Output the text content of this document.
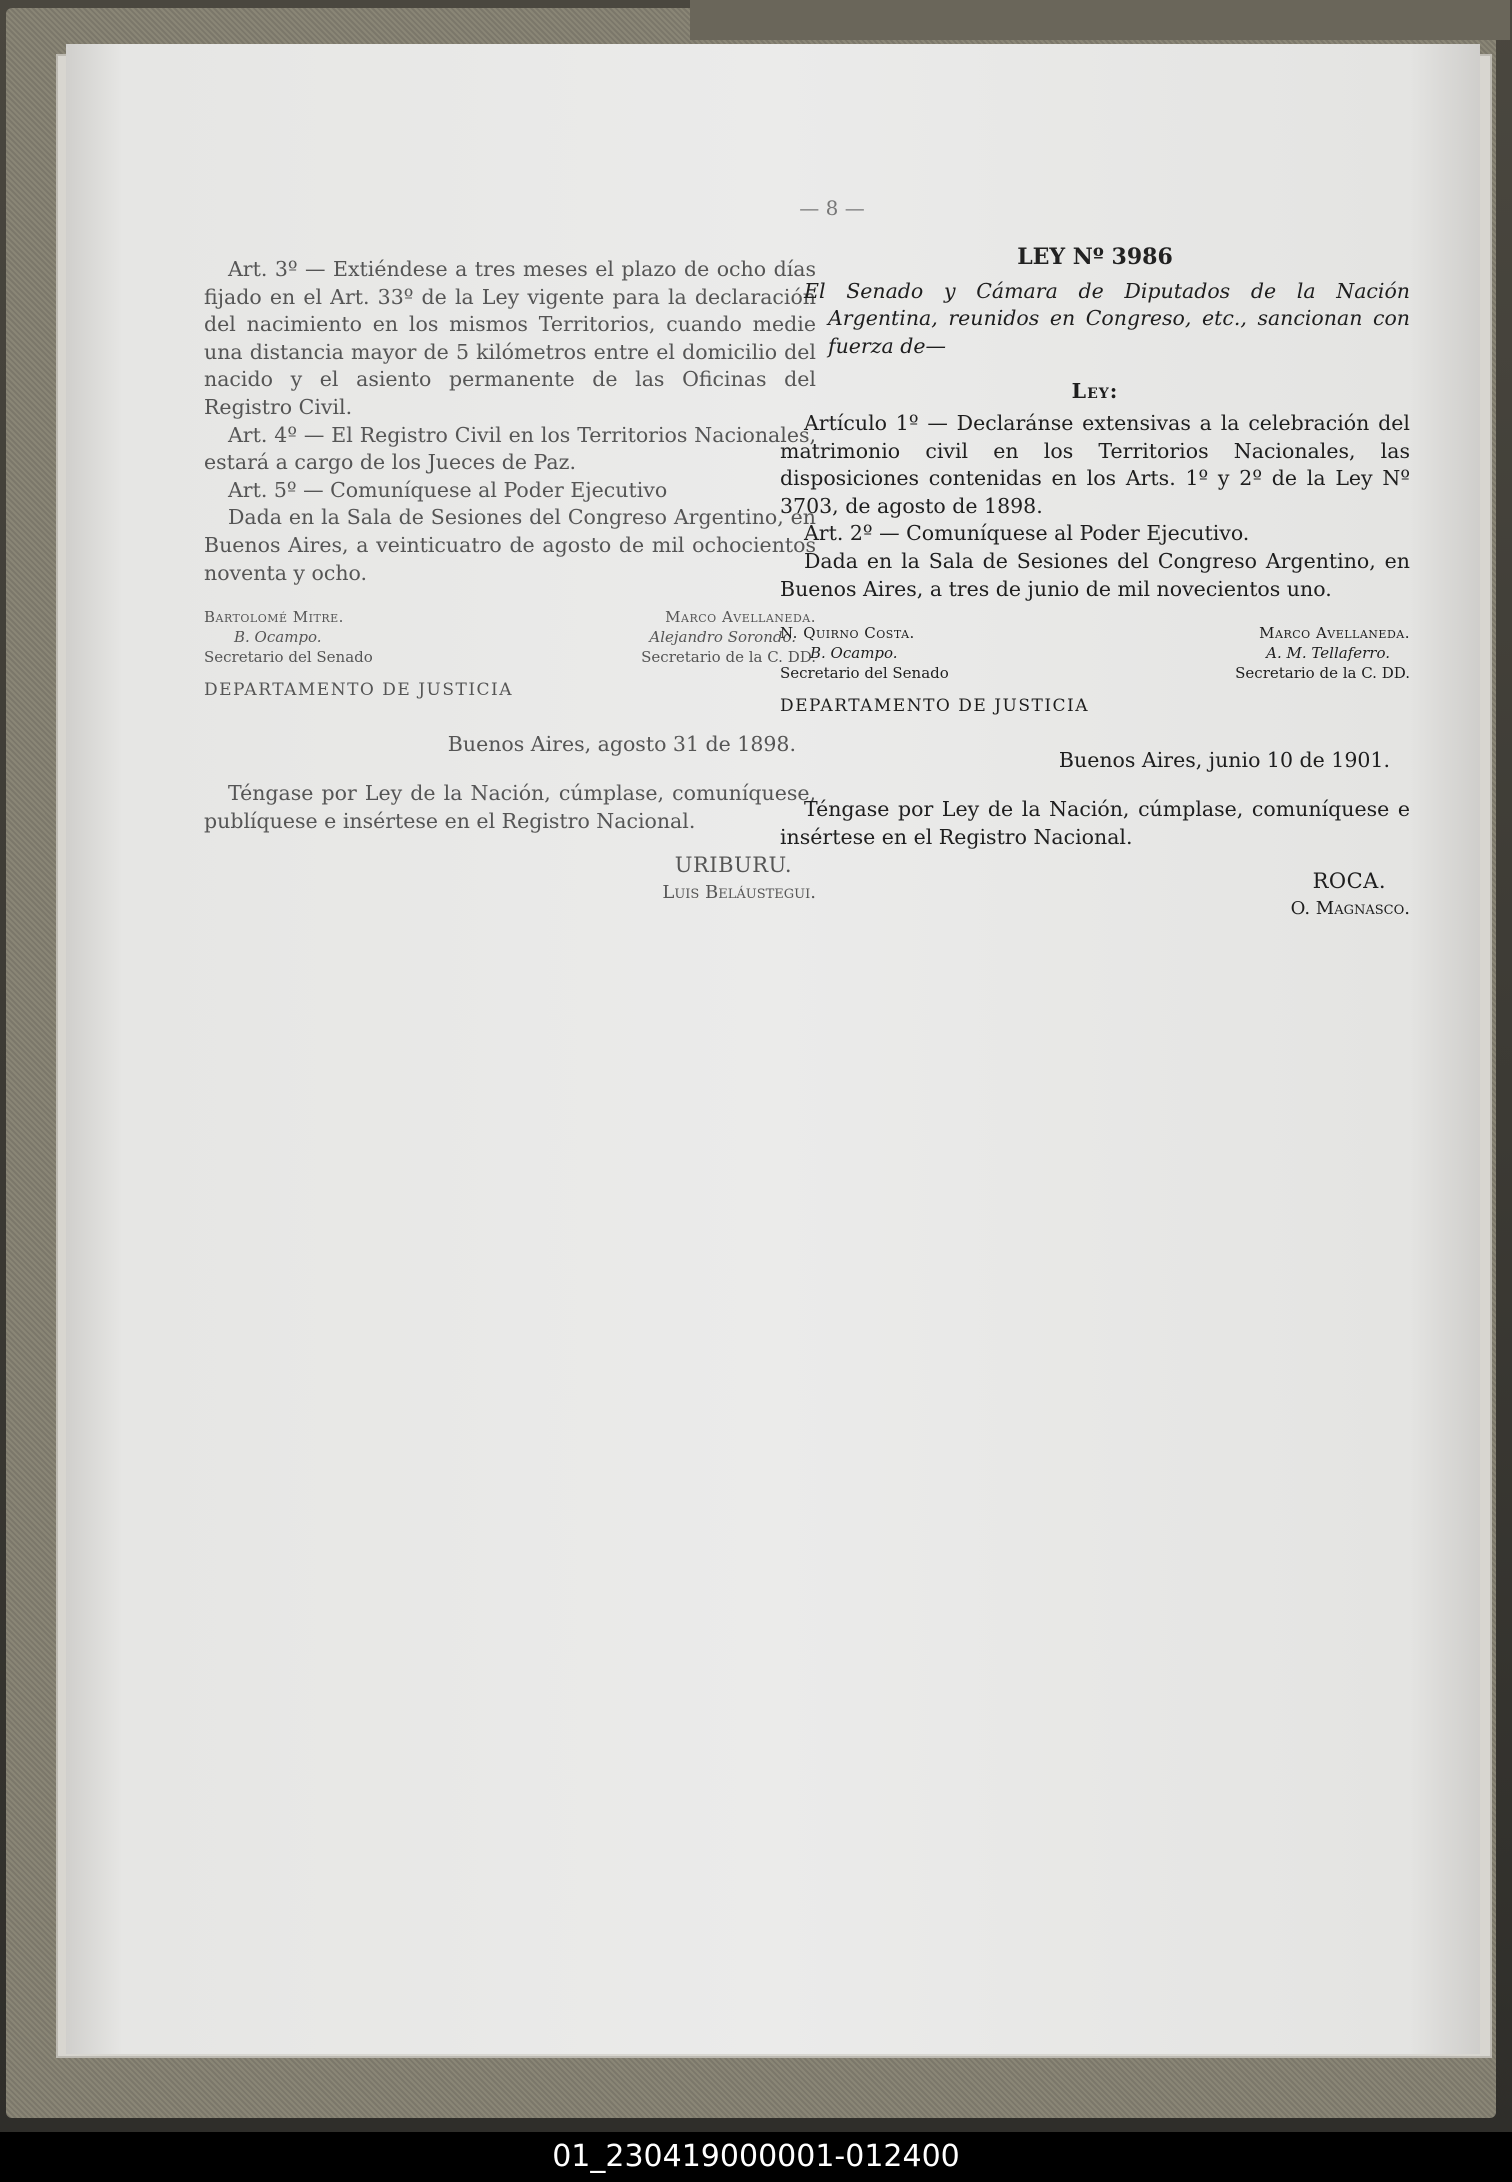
— 8 —

Art. 3º — Extiéndese a tres meses el plazo de ocho días fijado en el Art. 33º de la Ley vigente para la declaración del nacimiento en los mismos Territorios, cuando medie una distancia mayor de 5 kilómetros entre el domicilio del nacido y el asiento permanente de las Oficinas del Registro Civil.

Art. 4º — El Registro Civil en los Territorios Nacionales, estará a cargo de los Jueces de Paz.

Art. 5º — Comuníquese al Poder Ejecutivo

Dada en la Sala de Sesiones del Congreso Argentino, en Buenos Aires, a veinticuatro de agosto de mil ochocientos noventa y ocho.

Bartolomé Mitre.
B. Ocampo.
Secretario del Senado
Marco Avellaneda.
Alejandro Sorondo.
Secretario de la C. DD.
DEPARTAMENTO DE JUSTICIA

Buenos Aires, agosto 31 de 1898.

Téngase por Ley de la Nación, cúmplase, comuníquese, publíquese e insértese en el Registro Nacional.

URIBURU.
Luis Beláustegui.
LEY Nº 3986

El Senado y Cámara de Diputados de la Nación Argentina, reunidos en Congreso, etc., sancionan con fuerza de—

Ley:

Artículo 1º — Declaránse extensivas a la celebración del matrimonio civil en los Territorios Nacionales, las disposiciones contenidas en los Arts. 1º y 2º de la Ley Nº 3703, de agosto de 1898.

Art. 2º — Comuníquese al Poder Ejecutivo.

Dada en la Sala de Sesiones del Congreso Argentino, en Buenos Aires, a tres de junio de mil novecientos uno.

N. Quirno Costa.
B. Ocampo.
Secretario del Senado
Marco Avellaneda.
A. M. Tellaferro.
Secretario de la C. DD.
DEPARTAMENTO DE JUSTICIA

Buenos Aires, junio 10 de 1901.

Téngase por Ley de la Nación, cúmplase, comuníquese e insértese en el Registro Nacional.

ROCA.
O. Magnasco.
01_230419000001-012400
